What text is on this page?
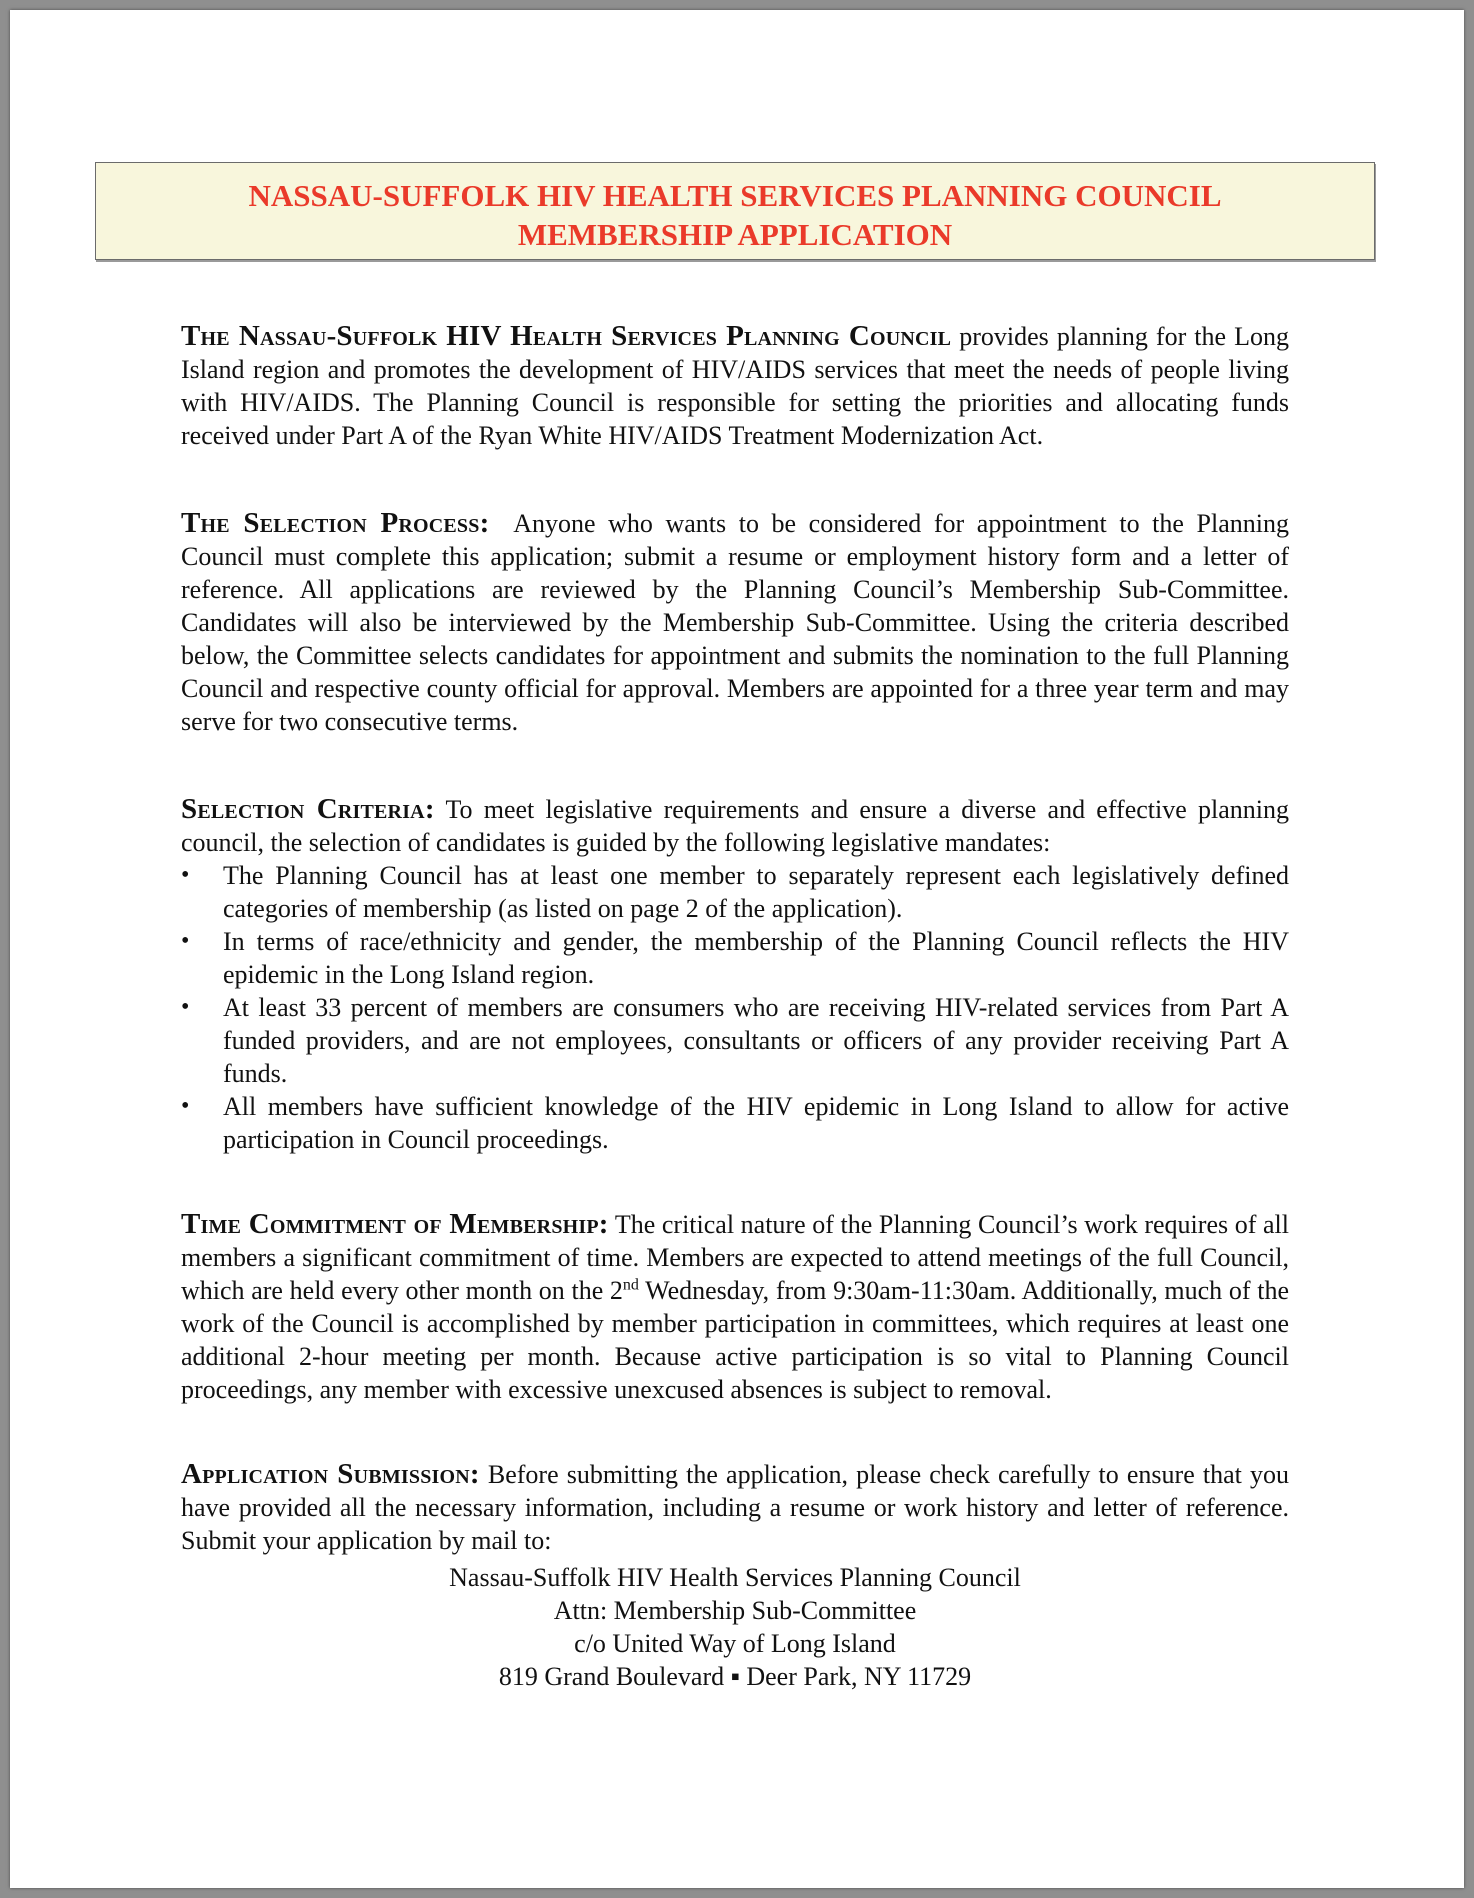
NASSAU-SUFFOLK HIV HEALTH SERVICES PLANNING COUNCIL
MEMBERSHIP APPLICATION

The Nassau-Suffolk HIV Health Services Planning Council provides planning for the Long Island region and promotes the development of HIV/AIDS services that meet the needs of people living with HIV/AIDS. The Planning Council is responsible for setting the priorities and allocating funds received under Part A of the Ryan White HIV/AIDS Treatment Modernization Act.

The Selection Process:  Anyone who wants to be considered for appointment to the Planning Council must complete this application; submit a resume or employment history form and a letter of reference. All applications are reviewed by the Planning Council’s Membership Sub-Committee. Candidates will also be interviewed by the Membership Sub-Committee. Using the criteria described below, the Committee selects candidates for appointment and submits the nomination to the full Planning Council and respective county official for approval. Members are appointed for a three year term and may serve for two consecutive terms.

Selection Criteria: To meet legislative requirements and ensure a diverse and effective planning council, the selection of candidates is guided by the following legislative mandates:

• The Planning Council has at least one member to separately represent each legislatively defined categories of membership (as listed on page 2 of the application).
• In terms of race/ethnicity and gender, the membership of the Planning Council reflects the HIV epidemic in the Long Island region.
• At least 33 percent of members are consumers who are receiving HIV-related services from Part A funded providers, and are not employees, consultants or officers of any provider receiving Part A funds.
• All members have sufficient knowledge of the HIV epidemic in Long Island to allow for active participation in Council proceedings.

Time Commitment of Membership: The critical nature of the Planning Council’s work requires of all members a significant commitment of time. Members are expected to attend meetings of the full Council, which are held every other month on the 2nd Wednesday, from 9:30am-11:30am. Additionally, much of the work of the Council is accomplished by member participation in committees, which requires at least one additional 2-hour meeting per month. Because active participation is so vital to Planning Council proceedings, any member with excessive unexcused absences is subject to removal.

Application Submission: Before submitting the application, please check carefully to ensure that you have provided all the necessary information, including a resume or work history and letter of reference. Submit your application by mail to:

Nassau-Suffolk HIV Health Services Planning Council
Attn: Membership Sub-Committee
c/o United Way of Long Island
819 Grand Boulevard ▪ Deer Park, NY 11729
